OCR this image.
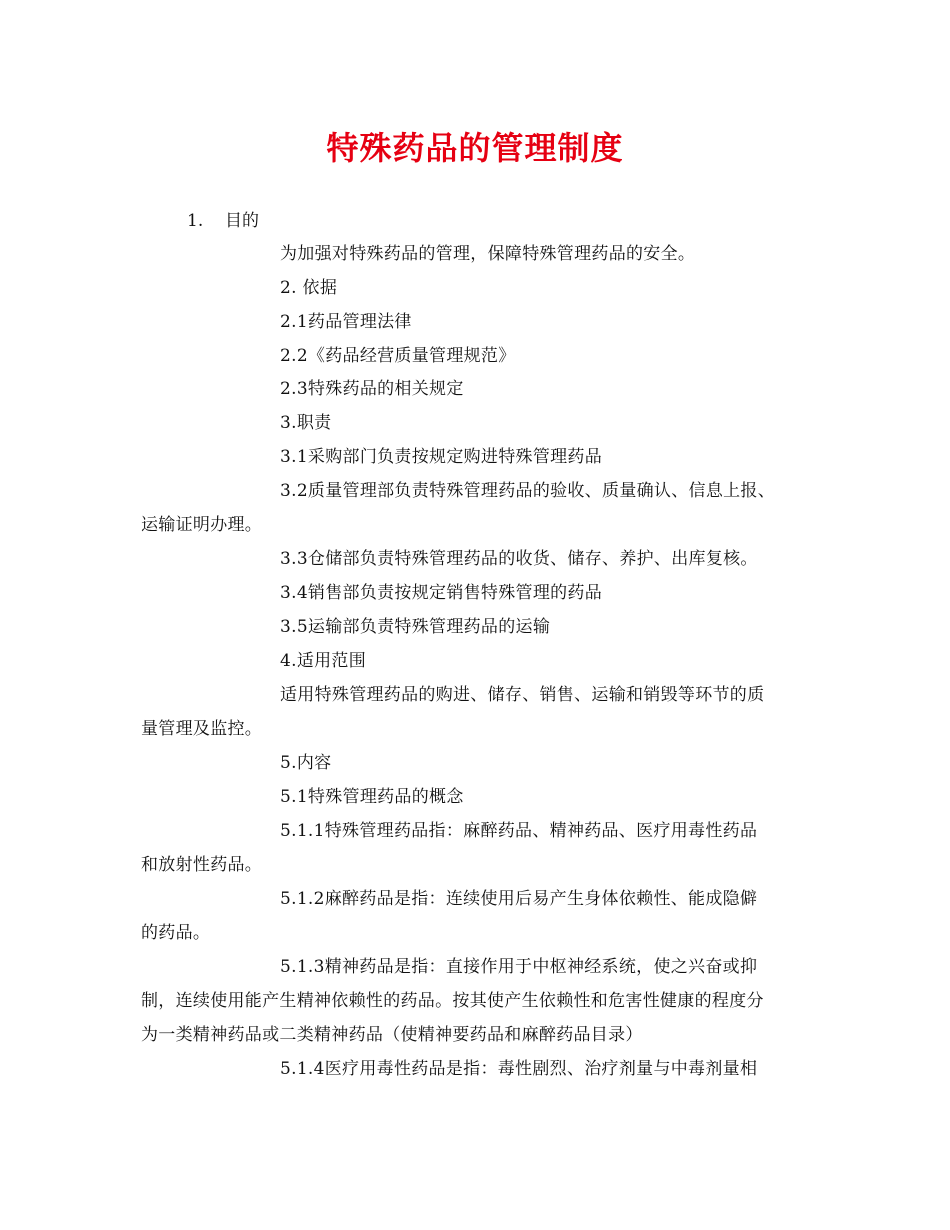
特殊药品的管理制度
1. 目的
为加强对特殊药品的管理，保障特殊管理药品的安全。
2. 依据
2.1药品管理法律
2.2《药品经营质量管理规范》
2.3特殊药品的相关规定
3.职责
3.1采购部门负责按规定购进特殊管理药品
3.2质量管理部负责特殊管理药品的验收、质量确认、信息上报、
运输证明办理。
3.3仓储部负责特殊管理药品的收货、储存、养护、出库复核。
3.4销售部负责按规定销售特殊管理的药品
3.5运输部负责特殊管理药品的运输
4.适用范围
适用特殊管理药品的购进、储存、销售、运输和销毁等环节的质
量管理及监控。
5.内容
5.1特殊管理药品的概念
5.1.1特殊管理药品指：麻醉药品、精神药品、医疗用毒性药品
和放射性药品。
5.1.2麻醉药品是指：连续使用后易产生身体依赖性、能成隐僻
的药品。
5.1.3精神药品是指：直接作用于中枢神经系统，使之兴奋或抑
制，连续使用能产生精神依赖性的药品。按其使产生依赖性和危害性健康的程度分
为一类精神药品或二类精神药品（使精神要药品和麻醉药品目录）
5.1.4医疗用毒性药品是指：毒性剧烈、治疗剂量与中毒剂量相
